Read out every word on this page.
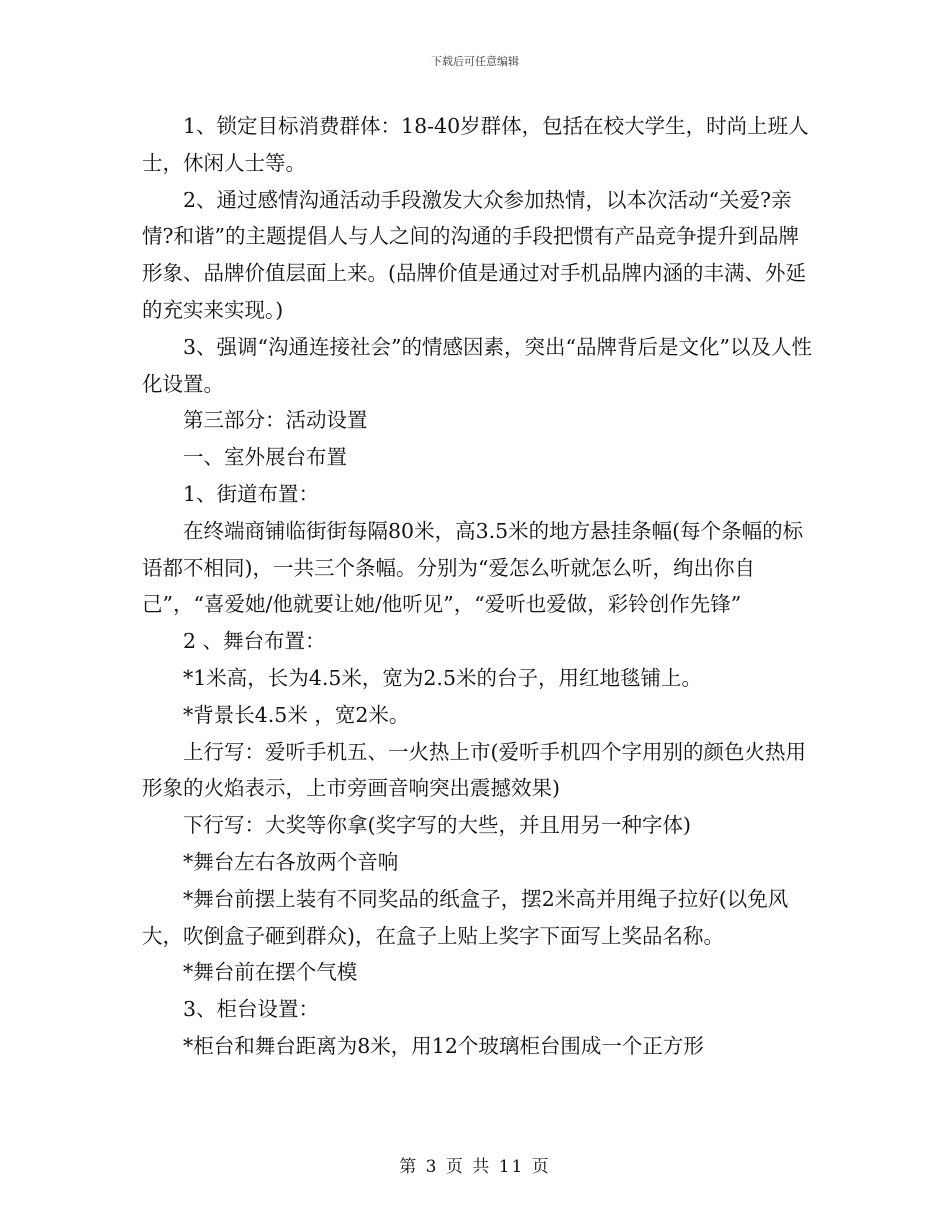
下载后可任意编辑

1、锁定目标消费群体：18-40岁群体，包括在校大学生，时尚上班人士，休闲人士等。

2、通过感情沟通活动手段激发大众参加热情，以本次活动“关爱?亲情?和谐”的主题提倡人与人之间的沟通的手段把惯有产品竞争提升到品牌形象、品牌价值层面上来。(品牌价值是通过对手机品牌内涵的丰满、外延的充实来实现。)

3、强调“沟通连接社会”的情感因素，突出“品牌背后是文化”以及人性化设置。

第三部分：活动设置

一、室外展台布置

1、街道布置：

在终端商铺临街街每隔80米，高3.5米的地方悬挂条幅(每个条幅的标语都不相同)，一共三个条幅。分别为“爱怎么听就怎么听，绚出你自己”，“喜爱她/他就要让她/他听见”，“爱听也爱做，彩铃创作先锋”

2 、舞台布置：

*1米高，长为4.5米，宽为2.5米的台子，用红地毯铺上。

*背景长4.5米 ，宽2米。

上行写：爱听手机五、一火热上市(爱听手机四个字用别的颜色火热用形象的火焰表示，上市旁画音响突出震撼效果)

下行写：大奖等你拿(奖字写的大些，并且用另一种字体)

*舞台左右各放两个音响

*舞台前摆上装有不同奖品的纸盒子，摆2米高并用绳子拉好(以免风大，吹倒盒子砸到群众)，在盒子上贴上奖字下面写上奖品名称。

*舞台前在摆个气模

3、柜台设置：

*柜台和舞台距离为8米，用12个玻璃柜台围成一个正方形

第 3 页 共 11 页
